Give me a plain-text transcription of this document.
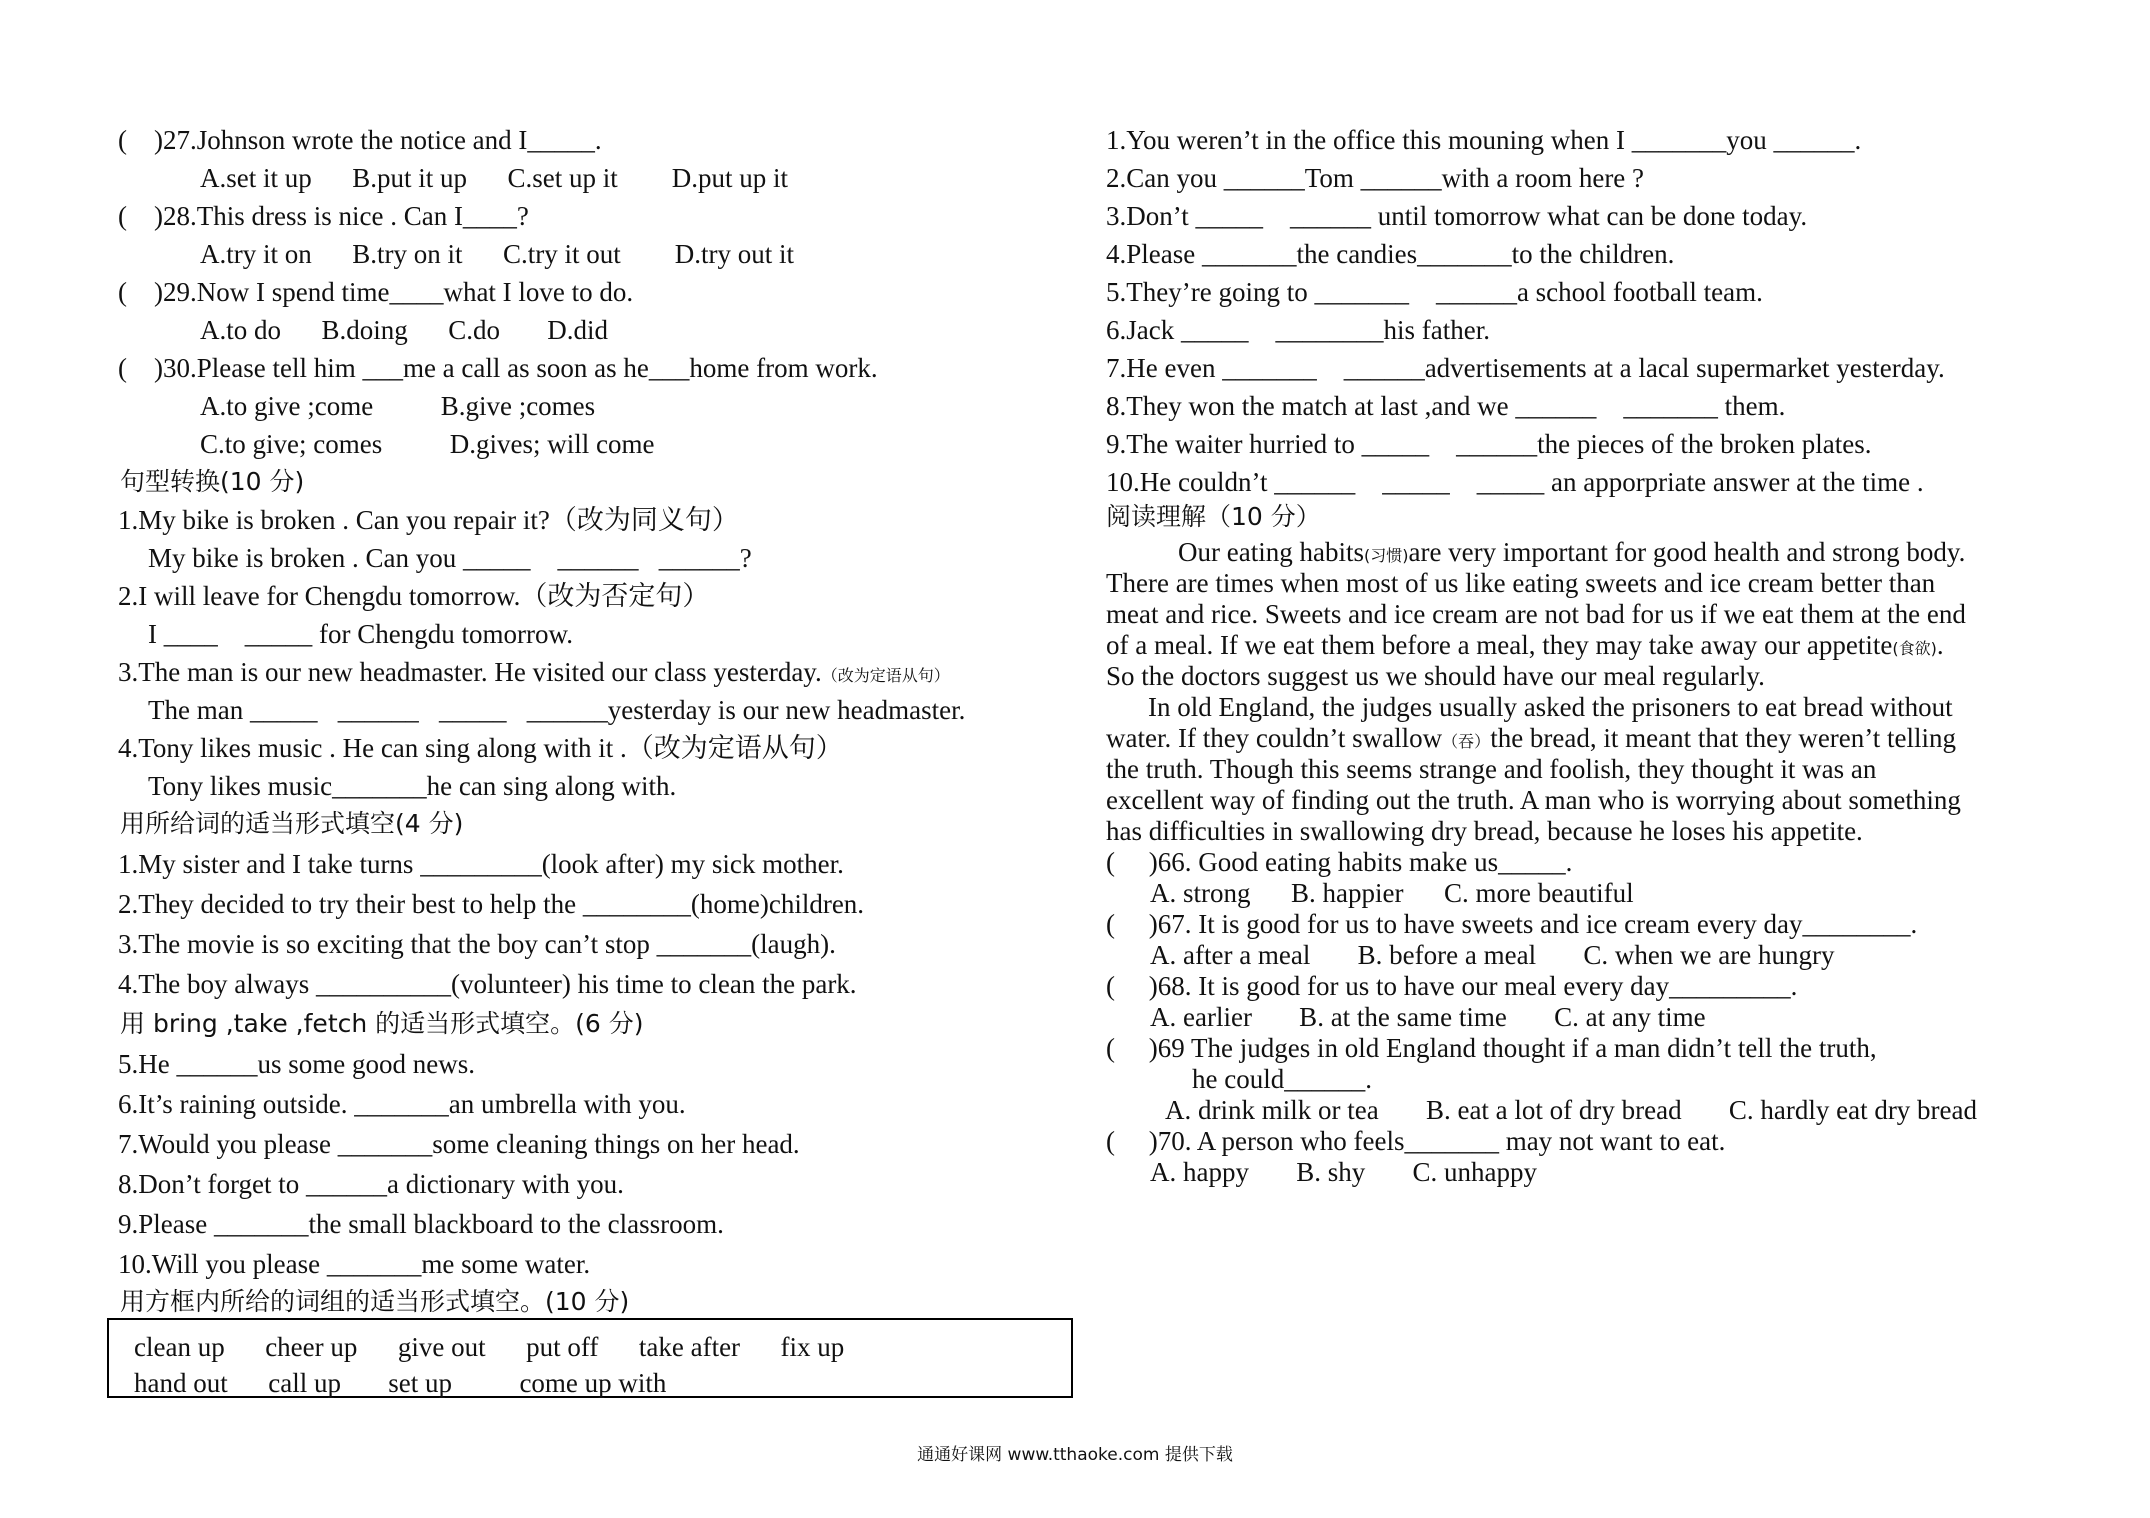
(    )27.Johnson wrote the notice and I_____.
A.set it up      B.put it up      C.set up it        D.put up it
(    )28.This dress is nice . Can I____?
A.try it on      B.try on it      C.try it out        D.try out it
(    )29.Now I spend time____what I love to do.
A.to do      B.doing      C.do       D.did
(    )30.Please tell him ___me a call as soon as he___home from work.
A.to give ;come          B.give ;comes
C.to give; comes          D.gives; will come
句型转换(10 分)
1.My bike is broken . Can you repair it?（改为同义句）
My bike is broken . Can you _____    ______   ______?
2.I will leave for Chengdu tomorrow.（改为否定句）
I ____    _____ for Chengdu tomorrow.
3.The man is our new headmaster. He visited our class yesterday.（改为定语从句）
The man _____   ______   _____   ______yesterday is our new headmaster.
4.Tony likes music . He can sing along with it .（改为定语从句）
Tony likes music_______he can sing along with.
用所给词的适当形式填空(4 分)
1.My sister and I take turns _________(look after) my sick mother.
2.They decided to try their best to help the ________(home)children.
3.The movie is so exciting that the boy can’t stop _______(laugh).
4.The boy always __________(volunteer) his time to clean the park.
用 bring ,take ,fetch 的适当形式填空。(6 分)
5.He ______us some good news.
6.It’s raining outside. _______an umbrella with you.
7.Would you please _______some cleaning things on her head.
8.Don’t forget to ______a dictionary with you.
9.Please _______the small blackboard to the classroom.
10.Will you please _______me some water.
用方框内所给的词组的适当形式填空。(10 分)
clean up      cheer up      give out      put off      take after      fix up
hand out      call up       set up          come up with
1.You weren’t in the office this mouning when I _______you ______.
2.Can you ______Tom ______with a room here ?
3.Don’t _____    ______ until tomorrow what can be done today.
4.Please _______the candies_______to the children.
5.They’re going to _______    ______a school football team.
6.Jack _____    ________his father.
7.He even _______    ______advertisements at a lacal supermarket yesterday.
8.They won the match at last ,and we ______    _______ them.
9.The waiter hurried to _____    ______the pieces of the broken plates.
10.He couldn’t ______    _____    _____ an apporpriate answer at the time .
阅读理解（10 分）
Our eating habits(习惯)are very important for good health and strong body.
There are times when most of us like eating sweets and ice cream better than
meat and rice. Sweets and ice cream are not bad for us if we eat them at the end
of a meal. If we eat them before a meal, they may take away our appetite(食欲).
So the doctors suggest us we should have our meal regularly.
In old England, the judges usually asked the prisoners to eat bread without
water. If they couldn’t swallow（吞）the bread, it meant that they weren’t telling
the truth. Though this seems strange and foolish, they thought it was an
excellent way of finding out the truth. A man who is worrying about something
has difficulties in swallowing dry bread, because he loses his appetite.
(     )66. Good eating habits make us_____.
A. strong      B. happier      C. more beautiful
(     )67. It is good for us to have sweets and ice cream every day________.
A. after a meal       B. before a meal       C. when we are hungry
(     )68. It is good for us to have our meal every day_________.
A. earlier       B. at the same time       C. at any time
(     )69 The judges in old England thought if a man didn’t tell the truth,
he could______.
A. drink milk or tea       B. eat a lot of dry bread       C. hardly eat dry bread
(     )70. A person who feels_______ may not want to eat.
A. happy       B. shy       C. unhappy
通通好课网 www.tthaoke.com 提供下载
